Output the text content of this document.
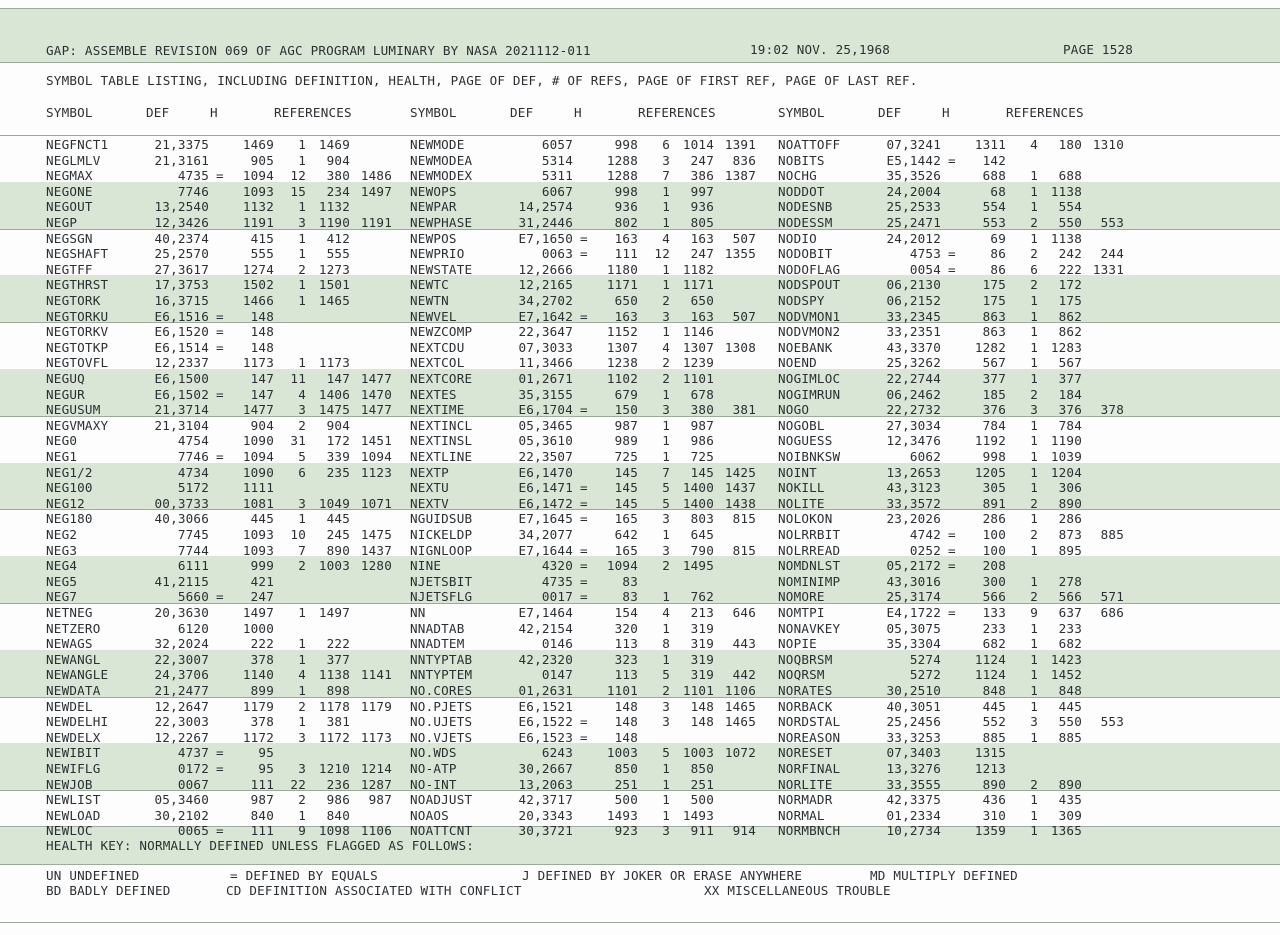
GAP: ASSEMBLE REVISION 069 OF AGC PROGRAM LUMINARY BY NASA 2021112-011	19:02 NOV. 25,1968	PAGE 1528
SYMBOL TABLE LISTING, INCLUDING DEFINITION, HEALTH, PAGE OF DEF, # OF REFS, PAGE OF FIRST REF, PAGE OF LAST REF.
SYMBOL	DEF	H	REFERENCES	SYMBOL	DEF	H	REFERENCES	SYMBOL	DEF	H	REFERENCES
NEGFNCT1	21,3375	1469	1	1469
NEGLMLV	21,3161	905	1	904
NEGMAX	4735 =	1094	12	380 1486
NEGONE	7746	1093	15	234 1497
NEGOUT	13,2540	1132	1	1132
NEGP	12,3426	1191	3	1190 1191
NEGSGN	40,2374	415	1	412
NEGSHAFT	25,2570	555	1	555
NEGTFF	27,3617	1274	2	1273
NEGTHRST	17,3753	1502	1	1501
NEGTORK	16,3715	1466	1	1465
NEGTORKU	E6,1516 =	148
NEGTORKV	E6,1520 =	148
NEGTOTKP	E6,1514 =	148
NEGTOVFL	12,2337	1173	1	1173
NEGUQ	E6,1500	147	11	147 1477
NEGUR	E6,1502 =	147	4	1406 1470
NEGUSUM	21,3714	1477	3	1475 1477
NEGVMAXY	21,3104	904	2	904
NEG0	4754	1090	31	172 1451
NEG1	7746 =	1094	5	339 1094
NEG1/2	4734	1090	6	235 1123
NEG100	5172	1111
NEG12	00,3733	1081	3	1049 1071
NEG180	40,3066	445	1	445
NEG2	7745	1093	10	245 1475
NEG3	7744	1093	7	890 1437
NEG4	6111	999	2	1003 1280
NEG5	41,2115	421
NEG7	5660 =	247
NETNEG	20,3630	1497	1	1497
NETZERO	6120	1000
NEWAGS	32,2024	222	1	222
NEWANGL	22,3007	378	1	377
NEWANGLE	24,3706	1140	4	1138 1141
NEWDATA	21,2477	899	1	898
NEWDEL	12,2647	1179	2	1178 1179
NEWDELHI	22,3003	378	1	381
NEWDELX	12,2267	1172	3	1172 1173
NEWIBIT	4737 =	95
NEWIFLG	0172 =	95	3	1210 1214
NEWJOB	0067	111	22	236 1287
NEWLIST	05,3460	987	2	986	987
NEWLOAD	30,2102	840	1	840
NEWLOC	0065 =	111	9	1098 1106
NEWMODE	6057	998	6	1014 1391
NEWMODEA	5314	1288	3	247	836
NEWMODEX	5311	1288	7	386 1387
NEWOPS	6067	998	1	997
NEWPAR	14,2574	936	1	936
NEWPHASE	31,2446	802	1	805
NEWPOS	E7,1650 =	163	4	163	507
NEWPRIO	0063 =	111	12	247 1355
NEWSTATE	12,2666	1180	1	1182
NEWTC	12,2165	1171	1	1171
NEWTN	34,2702	650	2	650
NEWVEL	E7,1642 =	163	3	163	507
NEWZCOMP	22,3647	1152	1	1146
NEXTCDU	07,3033	1307	4	1307 1308
NEXTCOL	11,3466	1238	2	1239
NEXTCORE	01,2671	1102	2	1101
NEXTES	35,3155	679	1	678
NEXTIME	E6,1704 =	150	3	380	381
NEXTINCL	05,3465	987	1	987
NEXTINSL	05,3610	989	1	986
NEXTLINE	22,3507	725	1	725
NEXTP	E6,1470	145	7	145 1425
NEXTU	E6,1471 =	145	5	1400 1437
NEXTV	E6,1472 =	145	5	1400 1438
NGUIDSUB	E7,1645 =	165	3	803	815
NICKELDP	34,2077	642	1	645
NIGNLOOP	E7,1644 =	165	3	790	815
NINE	4320 =	1094	2	1495
NJETSBIT	4735 =	83
NJETSFLG	0017 =	83	1	762
NN	E7,1464	154	4	213	646
NNADTAB	42,2154	320	1	319
NNADTEM	0146	113	8	319	443
NNTYPTAB	42,2320	323	1	319
NNTYPTEM	0147	113	5	319	442
NO.CORES	01,2631	1101	2	1101 1106
NO.PJETS	E6,1521	148	3	148 1465
NO.UJETS	E6,1522 =	148	3	148 1465
NO.VJETS	E6,1523 =	148
NO.WDS	6243	1003	5	1003 1072
NO-ATP	30,2667	850	1	850
NO-INT	13,2063	251	1	251
NOADJUST	42,3717	500	1	500
NOAOS	20,3343	1493	1	1493
NOATTCNT	30,3721	923	3	911	914
NOATTOFF	07,3241	1311	4	180 1310
NOBITS	E5,1442 =	142
NOCHG	35,3526	688	1	688
NODDOT	24,2004	68	1	1138
NODESNB	25,2533	554	1	554
NODESSM	25,2471	553	2	550	553
NODIO	24,2012	69	1	1138
NODOBIT	4753 =	86	2	242	244
NODOFLAG	0054 =	86	6	222 1331
NODSPOUT	06,2130	175	2	172
NODSPY	06,2152	175	1	175
NODVMON1	33,2345	863	1	862
NODVMON2	33,2351	863	1	862
NOEBANK	43,3370	1282	1	1283
NOEND	25,3262	567	1	567
NOGIMLOC	22,2744	377	1	377
NOGIMRUN	06,2462	185	2	184
NOGO	22,2732	376	3	376	378
NOGOBL	27,3034	784	1	784
NOGUESS	12,3476	1192	1	1190
NOIBNKSW	6062	998	1	1039
NOINT	13,2653	1205	1	1204
NOKILL	43,3123	305	1	306
NOLITE	33,3572	891	2	890
NOLOKON	23,2026	286	1	286
NOLRRBIT	4742 =	100	2	873	885
NOLRREAD	0252 =	100	1	895
NOMDNLST	05,2172 =	208
NOMINIMP	43,3016	300	1	278
NOMORE	25,3174	566	2	566	571
NOMTPI	E4,1722 =	133	9	637	686
NONAVKEY	05,3075	233	1	233
NOPIE	35,3304	682	1	682
NOQBRSM	5274	1124	1	1423
NOQRSM	5272	1124	1	1452
NORATES	30,2510	848	1	848
NORBACK	40,3051	445	1	445
NORDSTAL	25,2456	552	3	550	553
NOREASON	33,3253	885	1	885
NORESET	07,3403	1315
NORFINAL	13,3276	1213
NORLITE	33,3555	890	2	890
NORMADR	42,3375	436	1	435
NORMAL	01,2334	310	1	309
NORMBNCH	10,2734	1359	1	1365
HEALTH KEY: NORMALLY DEFINED UNLESS FLAGGED AS FOLLOWS:
UN UNDEFINED	= DEFINED BY EQUALS	J DEFINED BY JOKER OR ERASE ANYWHERE	MD MULTIPLY DEFINED
BD BADLY DEFINED	CD DEFINITION ASSOCIATED WITH CONFLICT	XX MISCELLANEOUS TROUBLE
